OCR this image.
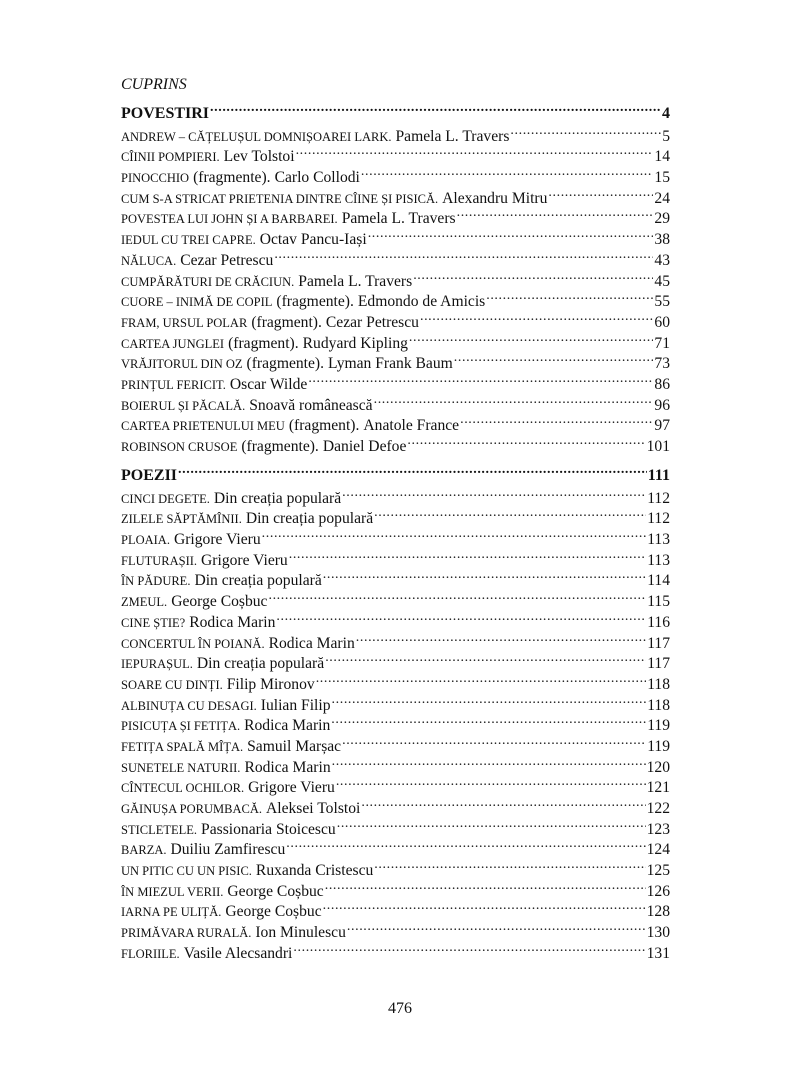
CUPRINS
POVESTIRI .....	4
ANDREW – CĂȚELUȘUL DOMNIȘOAREI LARK. Pamela L. Travers .....	5
CÎINII POMPIERI. Lev Tolstoi .....	14
PINOCCHIO (fragmente). Carlo Collodi .....	15
CUM S-A STRICAT PRIETENIA DINTRE CÎINE ȘI PISICĂ. Alexandru Mitru .....	24
POVESTEA LUI JOHN ȘI A BARBAREI. Pamela L. Travers .....	29
IEDUL CU TREI CAPRE. Octav Pancu-Iași .....	38
NĂLUCA. Cezar Petrescu .....	43
CUMPĂRĂTURI DE CRĂCIUN. Pamela L. Travers .....	45
CUORE – INIMĂ DE COPIL (fragmente). Edmondo de Amicis .....	55
FRAM, URSUL POLAR (fragment). Cezar Petrescu .....	60
CARTEA JUNGLEI (fragment). Rudyard Kipling .....	71
VRĂJITORUL DIN OZ (fragmente). Lyman Frank Baum .....	73
PRINȚUL FERICIT. Oscar Wilde .....	86
BOIERUL ȘI PĂCALĂ. Snoavă românească .....	96
CARTEA PRIETENULUI MEU (fragment). Anatole France .....	97
ROBINSON CRUSOE (fragmente). Daniel Defoe .....	101
POEZII .....	111
CINCI DEGETE. Din creația populară .....	112
ZILELE SĂPTĂMÎNII. Din creația populară .....	112
PLOAIA. Grigore Vieru .....	113
FLUTURAȘII. Grigore Vieru .....	113
ÎN PĂDURE. Din creația populară .....	114
ZMEUL. George Coșbuc .....	115
CINE ȘTIE? Rodica Marin .....	116
CONCERTUL ÎN POIANĂ. Rodica Marin .....	117
IEPURAȘUL. Din creația populară .....	117
SOARE CU DINȚI. Filip Mironov .....	118
ALBINUȚA CU DESAGI. Iulian Filip .....	118
PISICUȚA ȘI FETIȚA. Rodica Marin .....	119
FETIȚA SPALĂ MÎȚA. Samuil Marșac .....	119
SUNETELE NATURII. Rodica Marin .....	120
CÎNTECUL OCHILOR. Grigore Vieru .....	121
GĂINUȘA PORUMBACĂ. Aleksei Tolstoi .....	122
STICLETELE. Passionaria Stoicescu .....	123
BARZA. Duiliu Zamfirescu .....	124
UN PITIC CU UN PISIC. Ruxanda Cristescu .....	125
ÎN MIEZUL VERII. George Coșbuc .....	126
IARNA PE ULIȚĂ. George Coșbuc .....	128
PRIMĂVARA RURALĂ. Ion Minulescu .....	130
FLORIILE. Vasile Alecsandri .....	131
476
